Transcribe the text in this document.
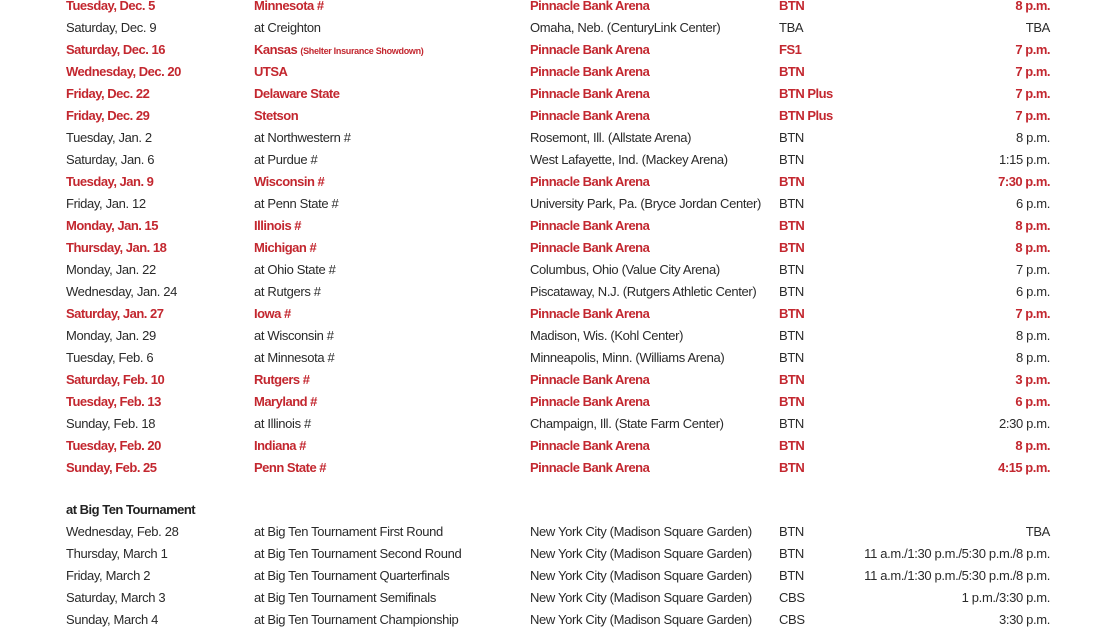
Tuesday, Dec. 5	Minnesota #	Pinnacle Bank Arena	BTN	8 p.m.
Saturday, Dec. 9	at Creighton	Omaha, Neb. (CenturyLink Center)	TBA	TBA
Saturday, Dec. 16	Kansas (Shelter Insurance Showdown)	Pinnacle Bank Arena	FS1	7 p.m.
Wednesday, Dec. 20	UTSA	Pinnacle Bank Arena	BTN	7 p.m.
Friday, Dec. 22	Delaware State	Pinnacle Bank Arena	BTN Plus	7 p.m.
Friday, Dec. 29	Stetson	Pinnacle Bank Arena	BTN Plus	7 p.m.
Tuesday, Jan. 2	at Northwestern #	Rosemont, Ill. (Allstate Arena)	BTN	8 p.m.
Saturday, Jan. 6	at Purdue #	West Lafayette, Ind. (Mackey Arena)	BTN	1:15 p.m.
Tuesday, Jan. 9	Wisconsin #	Pinnacle Bank Arena	BTN	7:30 p.m.
Friday, Jan. 12	at Penn State #	University Park, Pa. (Bryce Jordan Center) BTN	6 p.m.
Monday, Jan. 15	Illinois #	Pinnacle Bank Arena	BTN	8 p.m.
Thursday, Jan. 18	Michigan #	Pinnacle Bank Arena	BTN	8 p.m.
Monday, Jan. 22	at Ohio State #	Columbus, Ohio (Value City Arena)	BTN	7 p.m.
Wednesday, Jan. 24	at Rutgers #	Piscataway, N.J. (Rutgers Athletic Center) BTN	6 p.m.
Saturday, Jan. 27	Iowa #	Pinnacle Bank Arena	BTN	7 p.m.
Monday, Jan. 29	at Wisconsin #	Madison, Wis. (Kohl Center)	BTN	8 p.m.
Tuesday, Feb. 6	at Minnesota #	Minneapolis, Minn. (Williams Arena)	BTN	8 p.m.
Saturday, Feb. 10	Rutgers #	Pinnacle Bank Arena	BTN	3 p.m.
Tuesday, Feb. 13	Maryland #	Pinnacle Bank Arena	BTN	6 p.m.
Sunday, Feb. 18	at Illinois #	Champaign, Ill. (State Farm Center)	BTN	2:30 p.m.
Tuesday, Feb. 20	Indiana #	Pinnacle Bank Arena	BTN	8 p.m.
Sunday, Feb. 25	Penn State #	Pinnacle Bank Arena	BTN	4:15 p.m.
at Big Ten Tournament
Wednesday, Feb. 28	at Big Ten Tournament First Round	New York City (Madison Square Garden) BTN	TBA
Thursday, March 1	at Big Ten Tournament Second Round	New York City (Madison Square Garden) BTN	11 a.m./1:30 p.m./5:30 p.m./8 p.m.
Friday, March 2	at Big Ten Tournament Quarterfinals	New York City (Madison Square Garden) BTN	11 a.m./1:30 p.m./5:30 p.m./8 p.m.
Saturday, March 3	at Big Ten Tournament Semifinals	New York City (Madison Square Garden) CBS	1 p.m./3:30 p.m.
Sunday, March 4	at Big Ten Tournament Championship	New York City (Madison Square Garden) CBS	3:30 p.m.
